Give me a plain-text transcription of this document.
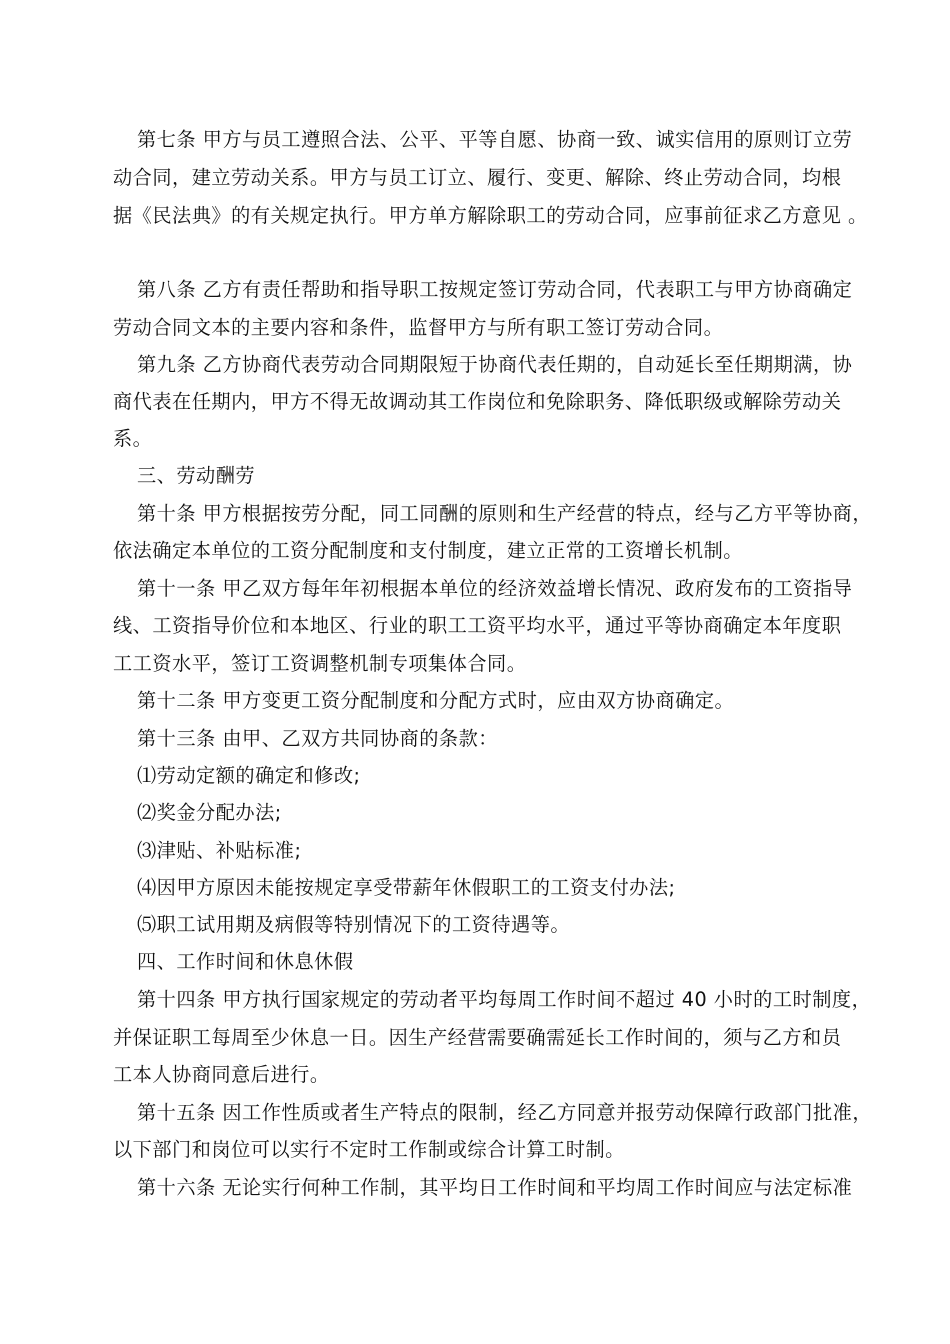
第七条 甲方与员工遵照合法、公平、平等自愿、协商一致、诚实信用的原则订立劳
动合同，建立劳动关系。甲方与员工订立、履行、变更、解除、终止劳动合同，均根
据《民法典》的有关规定执行。甲方单方解除职工的劳动合同，应事前征求乙方意见 。
第八条 乙方有责任帮助和指导职工按规定签订劳动合同，代表职工与甲方协商确定
劳动合同文本的主要内容和条件，监督甲方与所有职工签订劳动合同。
第九条 乙方协商代表劳动合同期限短于协商代表任期的，自动延长至任期期满，协
商代表在任期内，甲方不得无故调动其工作岗位和免除职务、降低职级或解除劳动关
系。
三、劳动酬劳
第十条 甲方根据按劳分配，同工同酬的原则和生产经营的特点，经与乙方平等协商，
依法确定本单位的工资分配制度和支付制度，建立正常的工资增长机制。
第十一条 甲乙双方每年年初根据本单位的经济效益增长情况、政府发布的工资指导
线、工资指导价位和本地区、行业的职工工资平均水平，通过平等协商确定本年度职
工工资水平，签订工资调整机制专项集体合同。
第十二条 甲方变更工资分配制度和分配方式时，应由双方协商确定。
第十三条 由甲、乙双方共同协商的条款：
⑴劳动定额的确定和修改;
⑵奖金分配办法;
⑶津贴、补贴标准;
⑷因甲方原因未能按规定享受带薪年休假职工的工资支付办法;
⑸职工试用期及病假等特别情况下的工资待遇等。
四、工作时间和休息休假
第十四条 甲方执行国家规定的劳动者平均每周工作时间不超过 40 小时的工时制度，
并保证职工每周至少休息一日。因生产经营需要确需延长工作时间的，须与乙方和员
工本人协商同意后进行。
第十五条 因工作性质或者生产特点的限制，经乙方同意并报劳动保障行政部门批准，
以下部门和岗位可以实行不定时工作制或综合计算工时制。
第十六条 无论实行何种工作制，其平均日工作时间和平均周工作时间应与法定标准
